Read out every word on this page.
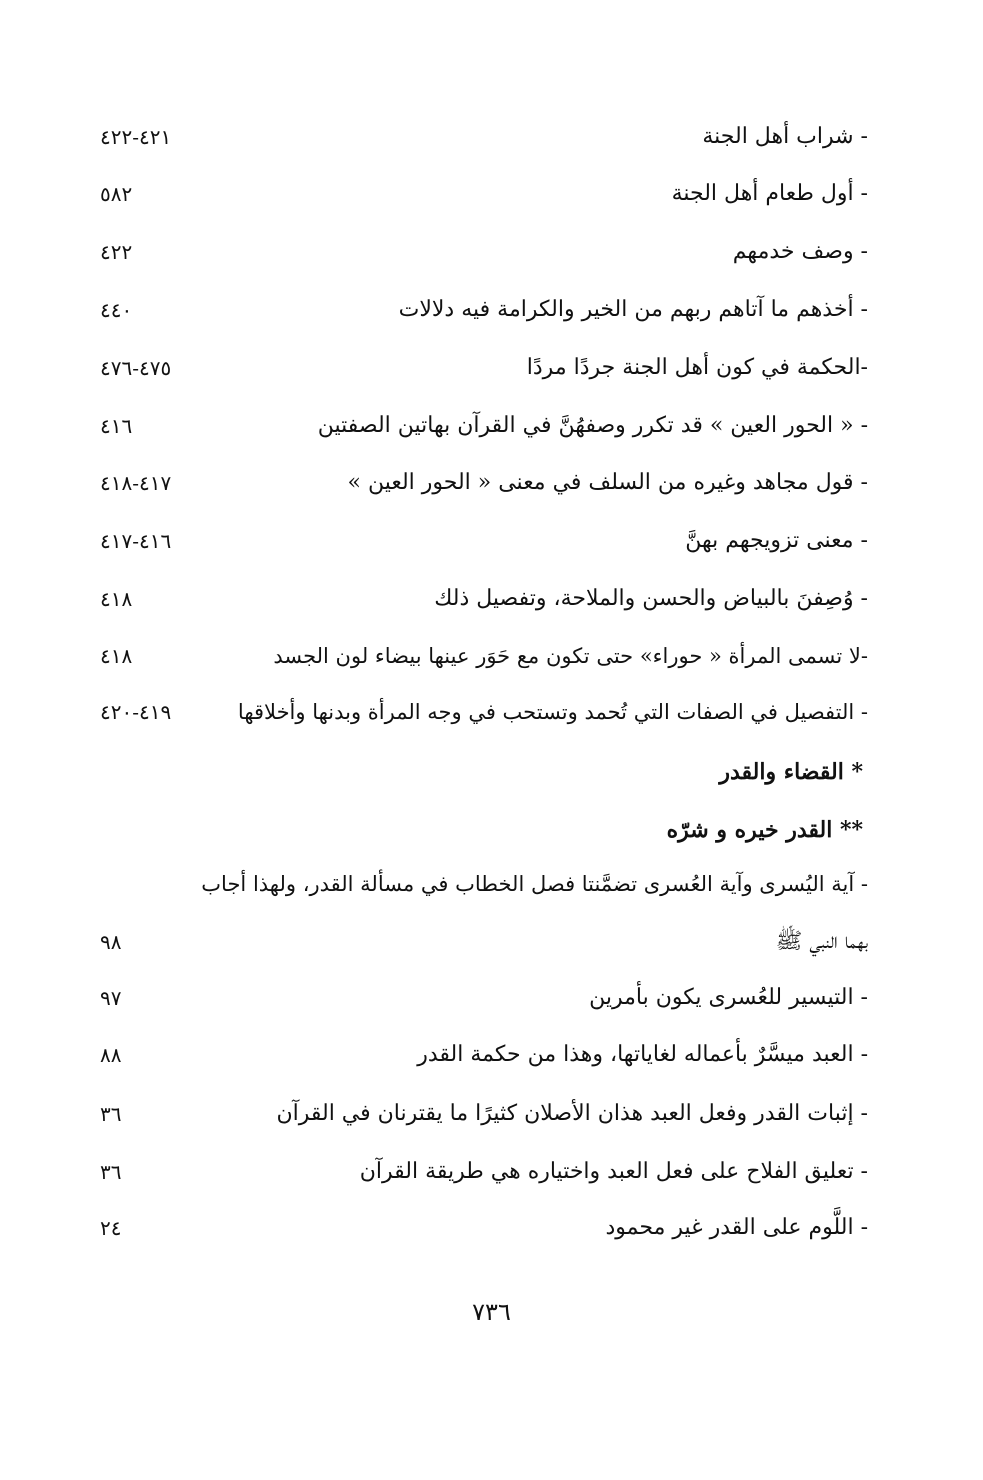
- شراب أهل الجنة
٤٢١-٤٢٢
- أول طعام أهل الجنة
٥٨٢
- وصف خدمهم
٤٢٢
- أخذهم ما آتاهم ربهم من الخير والكرامة فيه دلالات
٤٤٠
-الحكمة في كون أهل الجنة جردًا مردًا
٤٧٥-٤٧٦
- « الحور العين » قد تكرر وصفهُنَّ في القرآن بهاتين الصفتين
٤١٦
- قول مجاهد وغيره من السلف في معنى « الحور العين »
٤١٧-٤١٨
- معنى تزويجهم بهنَّ
٤١٦-٤١٧
- وُصِفنَ بالبياض والحسن والملاحة، وتفصيل ذلك
٤١٨
-لا تسمى المرأة « حوراء» حتى تكون مع حَوَر عينها بيضاء لون الجسد
٤١٨
- التفصيل في الصفات التي تُحمد وتستحب في وجه المرأة وبدنها وأخلاقها
٤١٩-٤٢٠
* القضاء والقدر
** القدر خيره و شرّه
- آية اليُسرى وآية العُسرى تضمَّنتا فصل الخطاب في مسألة القدر، ولهذا أجاب
بهما النبي ﷺ
٩٨
- التيسير للعُسرى يكون بأمرين
٩٧
- العبد ميسَّرٌ بأعماله لغاياتها، وهذا من حكمة القدر
٨٨
- إثبات القدر وفعل العبد هذان الأصلان كثيرًا ما يقترنان في القرآن
٣٦
- تعليق الفلاح على فعل العبد واختياره هي طريقة القرآن
٣٦
- اللَّوم على القدر غير محمود
٢٤
٧٣٦
